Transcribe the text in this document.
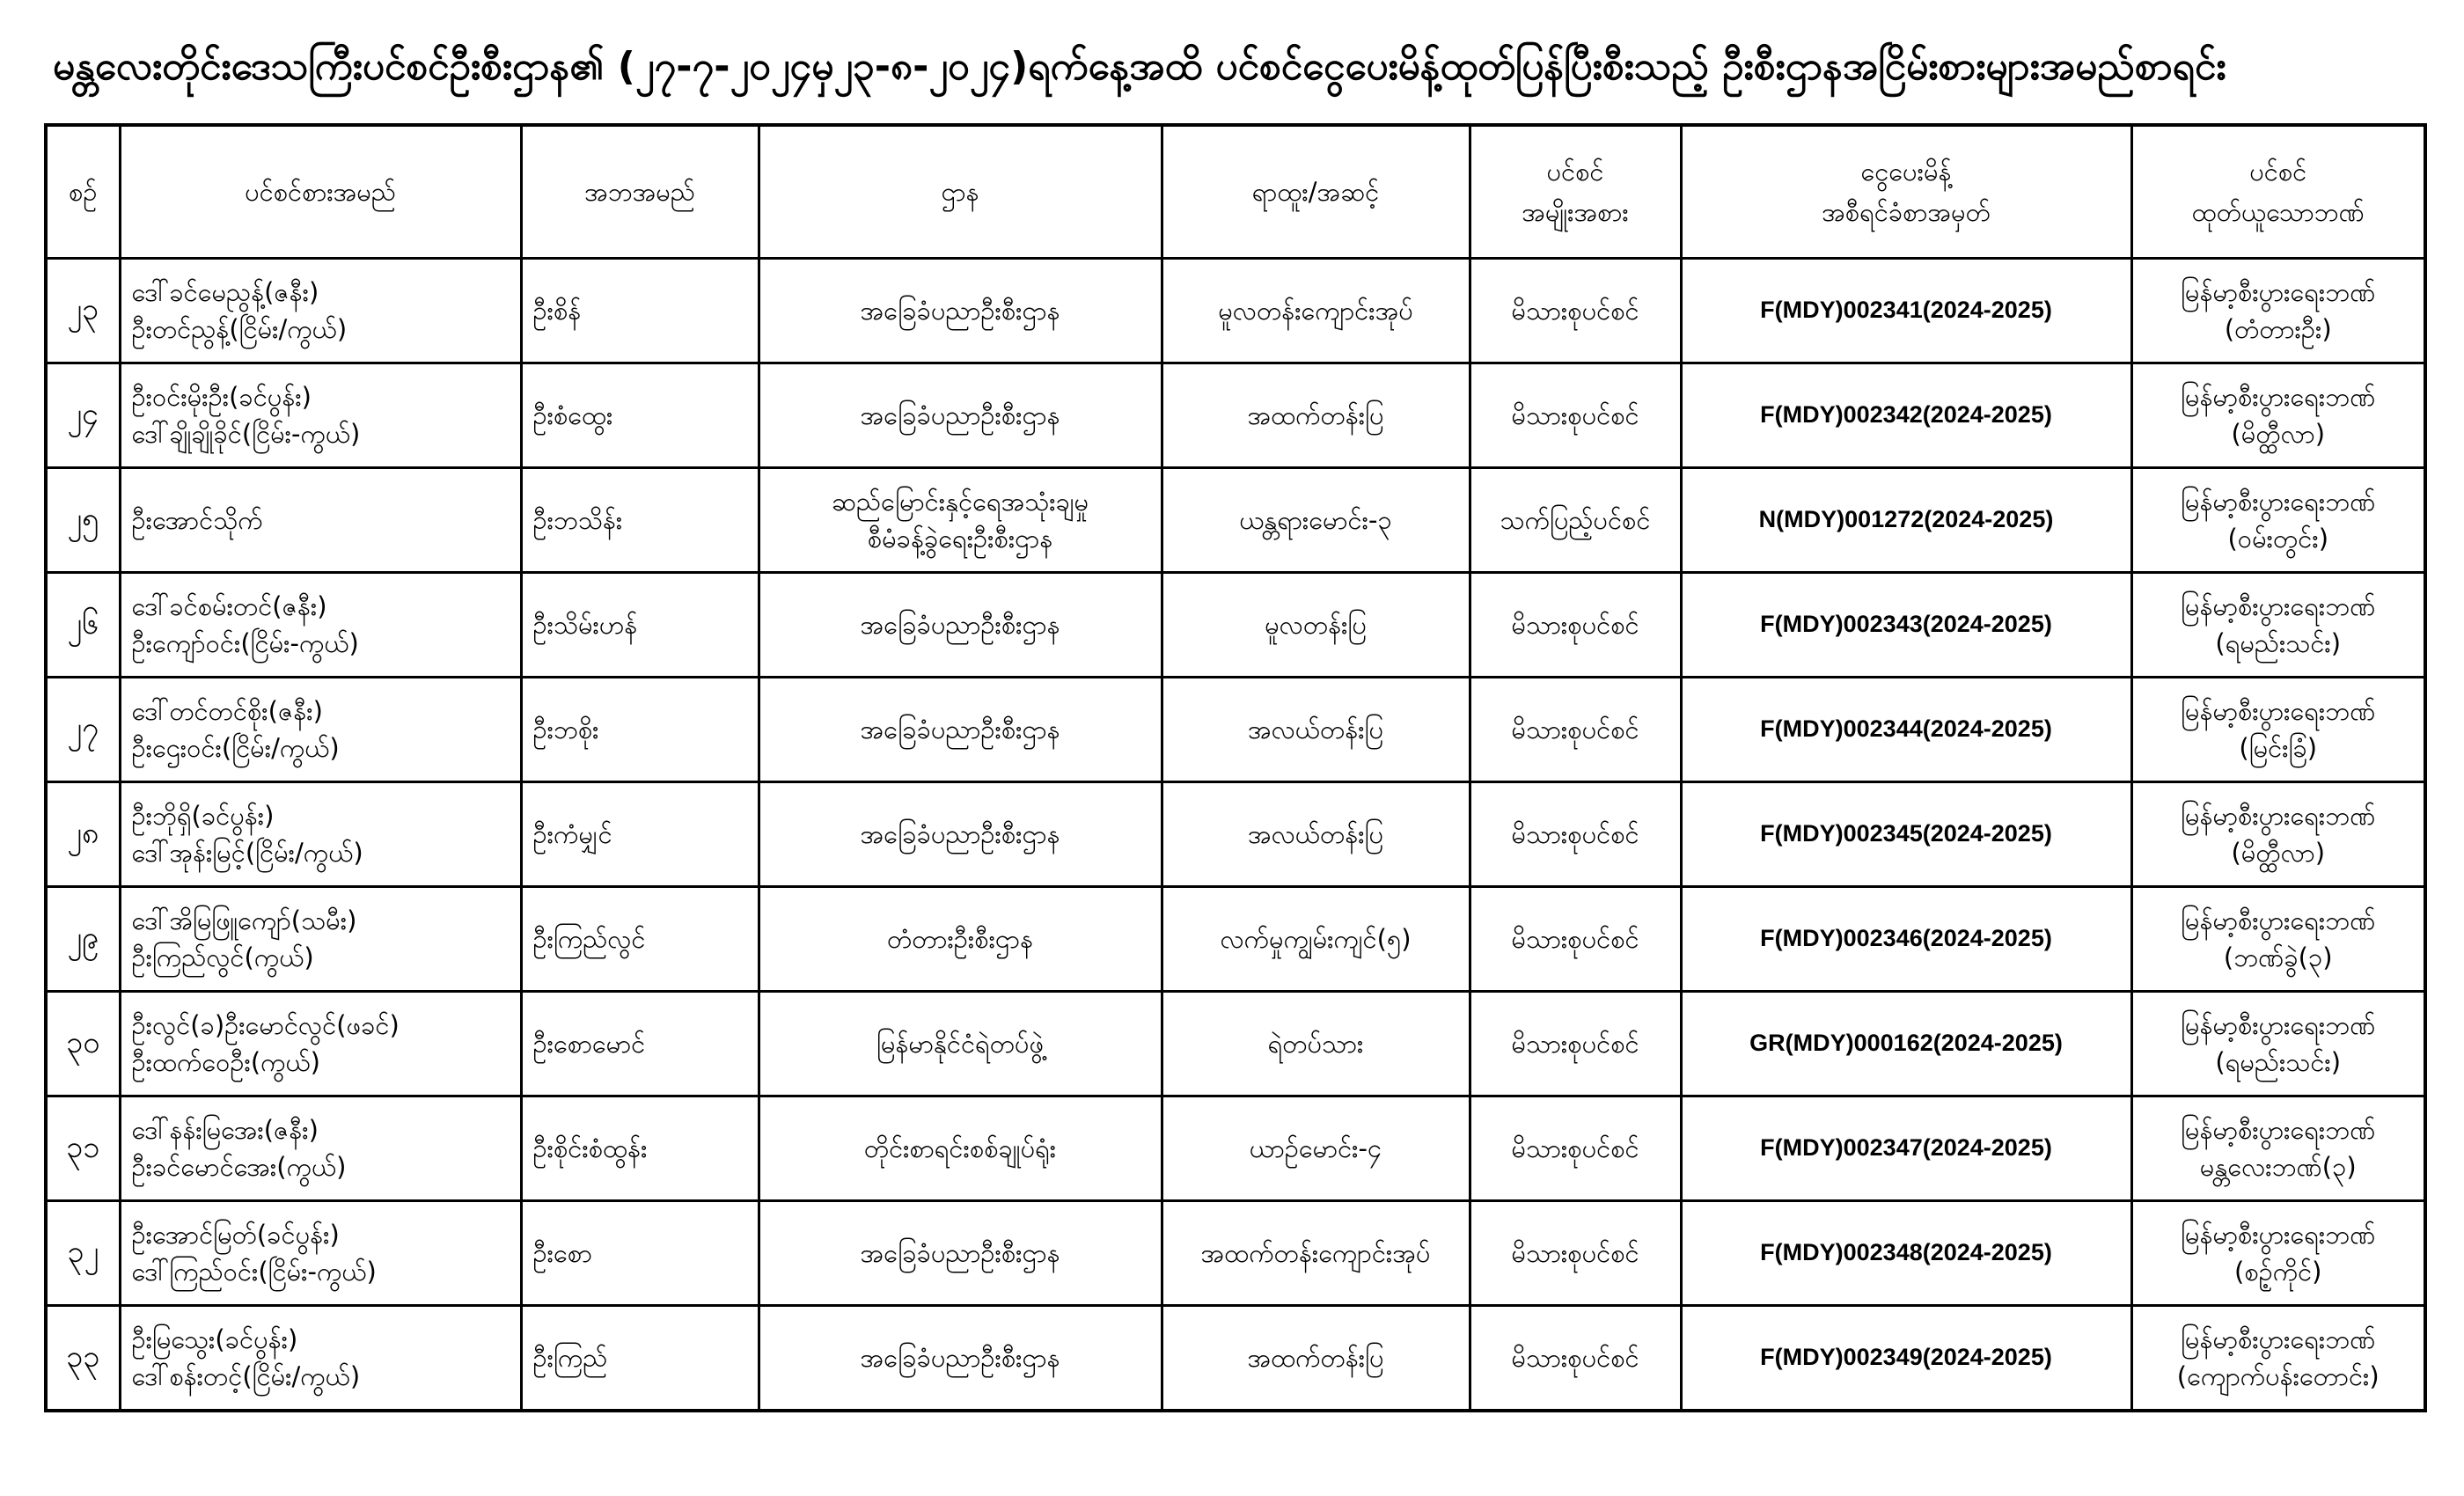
မန္တလေးတိုင်းဒေသကြီးပင်စင်ဦးစီးဌာန၏ (၂၇-၇-၂၀၂၄မှ၂၃-၈-၂၀၂၄)ရက်နေ့အထိ ပင်စင်ငွေပေးမိန့်ထုတ်ပြန်ပြီးစီးသည့် ဦးစီးဌာနအငြိမ်းစားများအမည်စာရင်း
စဉ်	ပင်စင်စားအမည်	အဘအမည်	ဌာန	ရာထူး/အဆင့်	ပင်စင်
အမျိုးအစား	ငွေပေးမိန့်
အစီရင်ခံစာအမှတ်	ပင်စင်
ထုတ်ယူသောဘဏ်

၂၃	ဒေါ်ခင်မေညွန့်(ဇနီး)
ဦးတင်ညွန့်(ငြိမ်း/ကွယ်)	ဦးစိန်	အခြေခံပညာဦးစီးဌာန	မူလတန်းကျောင်းအုပ်	မိသားစုပင်စင်	F(MDY)002341(2024-2025)	မြန်မာ့စီးပွားရေးဘဏ်
(တံတားဦး)

၂၄	ဦးဝင်းမိုးဦး(ခင်ပွန်း)
ဒေါ်ချိုချိုခိုင်(ငြိမ်း-ကွယ်)	ဦးစံထွေး	အခြေခံပညာဦးစီးဌာန	အထက်တန်းပြ	မိသားစုပင်စင်	F(MDY)002342(2024-2025)	မြန်မာ့စီးပွားရေးဘဏ်
(မိတ္ထီလာ)

၂၅	ဦးအောင်သိုက်	ဦးဘသိန်း	ဆည်မြောင်းနှင့်ရေအသုံးချမှု
စီမံခန့်ခွဲရေးဦးစီးဌာန	ယန္တရားမောင်း-၃	သက်ပြည့်ပင်စင်	N(MDY)001272(2024-2025)	မြန်မာ့စီးပွားရေးဘဏ်
(ဝမ်းတွင်း)

၂၆	ဒေါ်ခင်စမ်းတင်(ဇနီး)
ဦးကျော်ဝင်း(ငြိမ်း-ကွယ်)	ဦးသိမ်းဟန်	အခြေခံပညာဦးစီးဌာန	မူလတန်းပြ	မိသားစုပင်စင်	F(MDY)002343(2024-2025)	မြန်မာ့စီးပွားရေးဘဏ်
(ရမည်းသင်း)

၂၇	ဒေါ်တင်တင်စိုး(ဇနီး)
ဦးဌေးဝင်း(ငြိမ်း/ကွယ်)	ဦးဘစိုး	အခြေခံပညာဦးစီးဌာန	အလယ်တန်းပြ	မိသားစုပင်စင်	F(MDY)002344(2024-2025)	မြန်မာ့စီးပွားရေးဘဏ်
(မြင်းခြံ)

၂၈	ဦးဘိုရှိ(ခင်ပွန်း)
ဒေါ်အုန်းမြင့်(ငြိမ်း/ကွယ်)	ဦးကံမျှင်	အခြေခံပညာဦးစီးဌာန	အလယ်တန်းပြ	မိသားစုပင်စင်	F(MDY)002345(2024-2025)	မြန်မာ့စီးပွားရေးဘဏ်
(မိတ္ထီလာ)

၂၉	ဒေါ်အိမြဖြူကျော်(သမီး)
ဦးကြည်လွင်(ကွယ်)	ဦးကြည်လွင်	တံတားဦးစီးဌာန	လက်မှုကျွမ်းကျင်(၅)	မိသားစုပင်စင်	F(MDY)002346(2024-2025)	မြန်မာ့စီးပွားရေးဘဏ်
(ဘဏ်ခွဲ(၃)

၃၀	ဦးလွင်(ခ)ဦးမောင်လွင်(ဖခင်)
ဦးထက်ဝေဦး(ကွယ်)	ဦးစောမောင်	မြန်မာနိုင်ငံရဲတပ်ဖွဲ့	ရဲတပ်သား	မိသားစုပင်စင်	GR(MDY)000162(2024-2025)	မြန်မာ့စီးပွားရေးဘဏ်
(ရမည်းသင်း)

၃၁	ဒေါ်နန်းမြအေး(ဇနီး)
ဦးခင်မောင်အေး(ကွယ်)	ဦးစိုင်းစံထွန်း	တိုင်းစာရင်းစစ်ချုပ်ရုံး	ယာဉ်မောင်း-၄	မိသားစုပင်စင်	F(MDY)002347(2024-2025)	မြန်မာ့စီးပွားရေးဘဏ်
မန္တလေးဘဏ်(၃)

၃၂	ဦးအောင်မြတ်(ခင်ပွန်း)
ဒေါ်ကြည်ဝင်း(ငြိမ်း-ကွယ်)	ဦးစော	အခြေခံပညာဦးစီးဌာန	အထက်တန်းကျောင်းအုပ်	မိသားစုပင်စင်	F(MDY)002348(2024-2025)	မြန်မာ့စီးပွားရေးဘဏ်
(စဥ့်ကိုင်)

၃၃	ဦးမြသွေး(ခင်ပွန်း)
ဒေါ်စန်းတင့်(ငြိမ်း/ကွယ်)	ဦးကြည်	အခြေခံပညာဦးစီးဌာန	အထက်တန်းပြ	မိသားစုပင်စင်	F(MDY)002349(2024-2025)	မြန်မာ့စီးပွားရေးဘဏ်
(ကျောက်ပန်းတောင်း)
